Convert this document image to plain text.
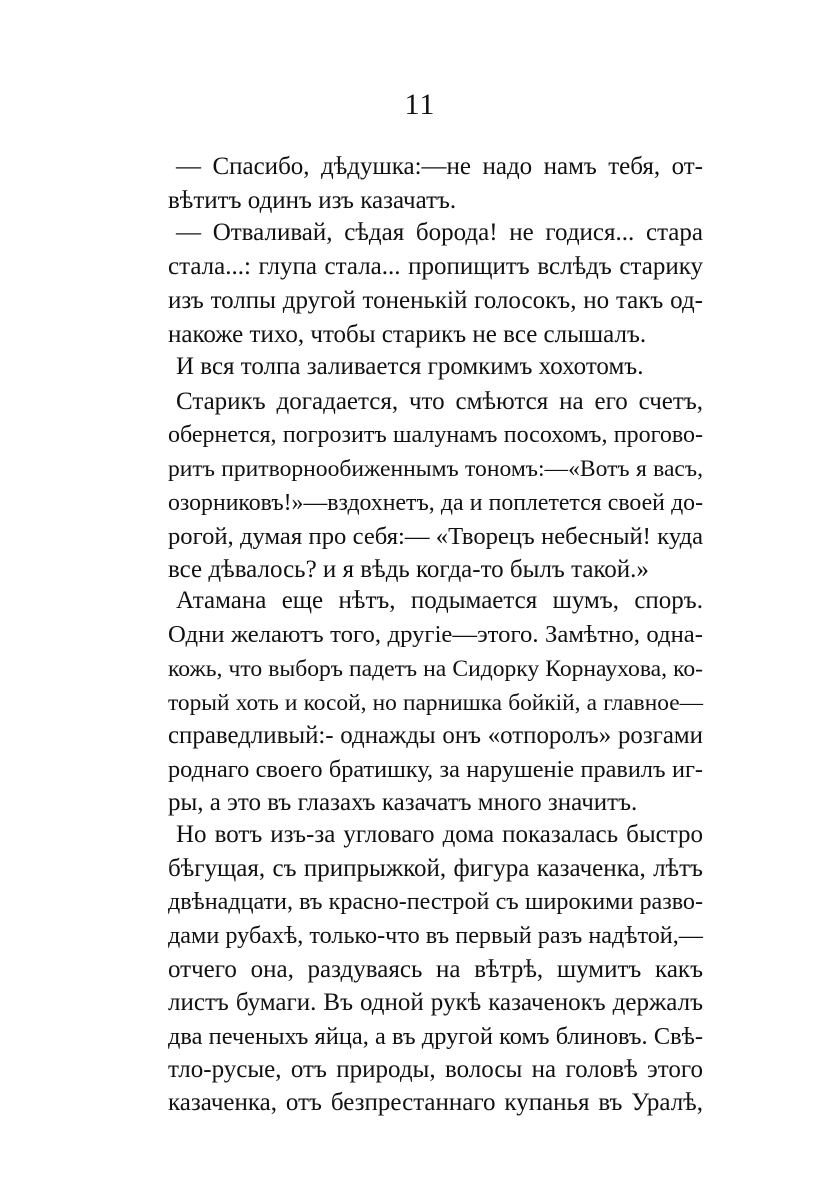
11
— Спасибо, дѣдушка:—не надо намъ тебя, от-
вѣтитъ одинъ изъ казачатъ.
— Отваливай, сѣдая борода! не годися... стара
стала...: глупа стала... пропищитъ вслѣдъ старику
изъ толпы другой тоненькій голосокъ, но такъ од-
накоже тихо, чтобы старикъ не все слышалъ.
И вся толпа заливается громкимъ хохотомъ.
Старикъ догадается, что смѣются на его счетъ,
обернется, погрозитъ шалунамъ посохомъ, прогово-
ритъ притворнообиженнымъ тономъ:—«Вотъ я васъ,
озорниковъ!»—вздохнетъ, да и поплетется своей до-
рогой, думая про себя:— «Творецъ небесный! куда
все дѣвалось? и я вѣдь когда-то былъ такой.»
Атамана еще нѣтъ, подымается шумъ, споръ.
Одни желаютъ того, другіе—этого. Замѣтно, одна-
кожь, что выборъ падетъ на Сидорку Корнаухова, ко-
торый хоть и косой, но парнишка бойкій, а главное—
справедливый:- однажды онъ «отпоролъ» розгами
роднаго своего братишку, за нарушеніе правилъ иг-
ры, а это въ глазахъ казачатъ много значитъ.
Но вотъ изъ-за угловаго дома показалась быстро
бѣгущая, съ припрыжкой, фигура казаченка, лѣтъ
двѣнадцати, въ красно-пестрой съ широкими разво-
дами рубахѣ, только-что въ первый разъ надѣтой,—
отчего она, раздуваясь на вѣтрѣ, шумитъ какъ
листъ бумаги. Въ одной рукѣ казаченокъ держалъ
два печеныхъ яйца, а въ другой комъ блиновъ. Свѣ-
тло-русые, отъ природы, волосы на головѣ этого
казаченка, отъ безпрестаннаго купанья въ Уралѣ,
